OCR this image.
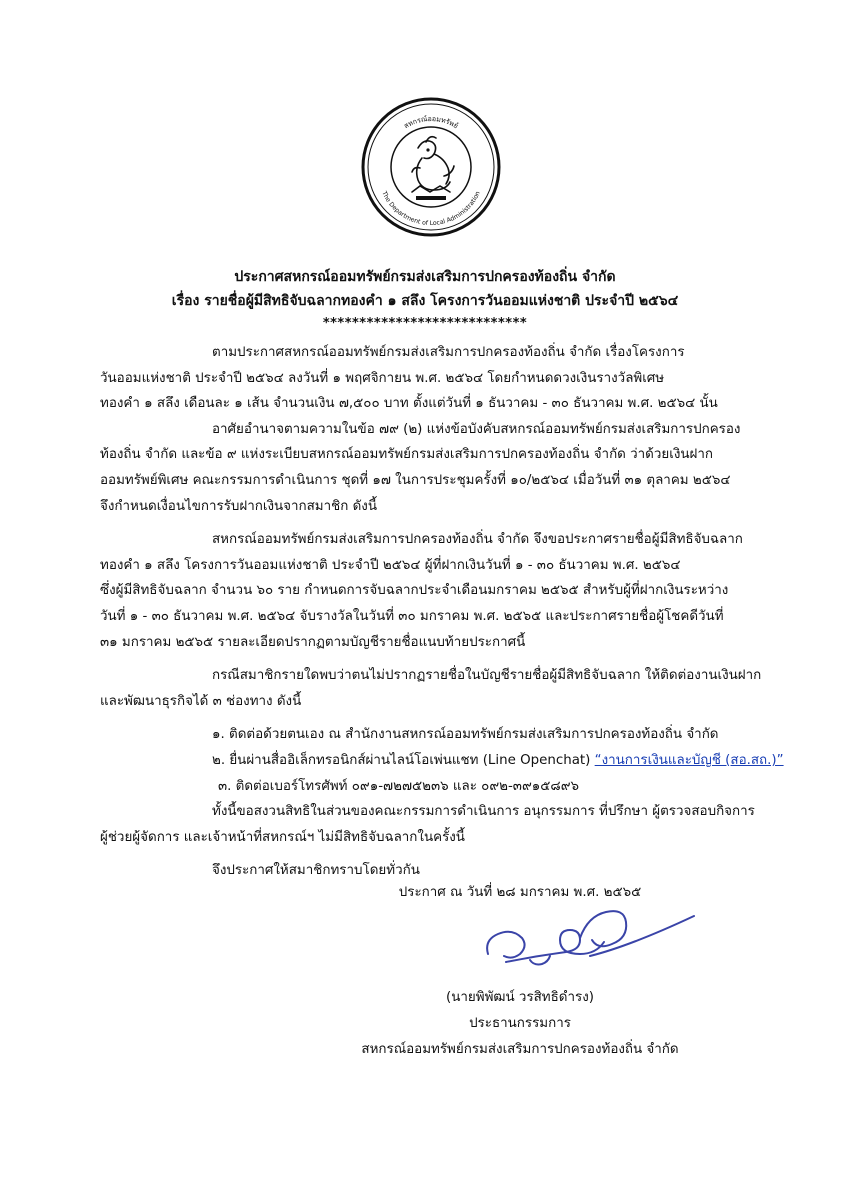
สหกรณ์ออมทรัพย์
The Department of Local Administration
ประกาศสหกรณ์ออมทรัพย์กรมส่งเสริมการปกครองท้องถิ่น จำกัด
เรื่อง รายชื่อผู้มีสิทธิจับฉลากทองคำ ๑ สลึง โครงการวันออมแห่งชาติ ประจำปี ๒๕๖๔
****************************
ตามประกาศสหกรณ์ออมทรัพย์กรมส่งเสริมการปกครองท้องถิ่น จำกัด เรื่องโครงการ
วันออมแห่งชาติ ประจำปี ๒๕๖๔ ลงวันที่ ๑ พฤศจิกายน พ.ศ. ๒๕๖๔ โดยกำหนดดวงเงินรางวัลพิเศษ
ทองคำ ๑ สลึง เดือนละ ๑ เส้น จำนวนเงิน ๗,๕๐๐ บาท ตั้งแต่วันที่ ๑ ธันวาคม - ๓๐ ธันวาคม พ.ศ. ๒๕๖๔ นั้น
อาศัยอำนาจตามความในข้อ ๗๙ (๒) แห่งข้อบังคับสหกรณ์ออมทรัพย์กรมส่งเสริมการปกครอง
ท้องถิ่น จำกัด และข้อ ๙ แห่งระเบียบสหกรณ์ออมทรัพย์กรมส่งเสริมการปกครองท้องถิ่น จำกัด ว่าด้วยเงินฝาก
ออมทรัพย์พิเศษ คณะกรรมการดำเนินการ ชุดที่ ๑๗ ในการประชุมครั้งที่ ๑๐/๒๕๖๔ เมื่อวันที่ ๓๑ ตุลาคม ๒๕๖๔
จึงกำหนดเงื่อนไขการรับฝากเงินจากสมาชิก ดังนี้
สหกรณ์ออมทรัพย์กรมส่งเสริมการปกครองท้องถิ่น จำกัด จึงขอประกาศรายชื่อผู้มีสิทธิจับฉลาก
ทองคำ ๑ สลึง โครงการวันออมแห่งชาติ ประจำปี ๒๕๖๔ ผู้ที่ฝากเงินวันที่ ๑ - ๓๐ ธันวาคม พ.ศ. ๒๕๖๔
ซึ่งผู้มีสิทธิจับฉลาก จำนวน ๖๐ ราย กำหนดการจับฉลากประจำเดือนมกราคม ๒๕๖๕ สำหรับผู้ที่ฝากเงินระหว่าง
วันที่ ๑ - ๓๐ ธันวาคม พ.ศ. ๒๕๖๔ จับรางวัลในวันที่ ๓๐ มกราคม พ.ศ. ๒๕๖๕ และประกาศรายชื่อผู้โชคดีวันที่
๓๑ มกราคม ๒๕๖๕ รายละเอียดปรากฏตามบัญชีรายชื่อแนบท้ายประกาศนี้
กรณีสมาชิกรายใดพบว่าตนไม่ปรากฏรายชื่อในบัญชีรายชื่อผู้มีสิทธิจับฉลาก ให้ติดต่องานเงินฝาก
และพัฒนาธุรกิจได้ ๓ ช่องทาง ดังนี้
๑. ติดต่อด้วยตนเอง ณ สำนักงานสหกรณ์ออมทรัพย์กรมส่งเสริมการปกครองท้องถิ่น จำกัด
๒. ยื่นผ่านสื่ออิเล็กทรอนิกส์ผ่านไลน์โอเพ่นแชท (Line Openchat) “งานการเงินและบัญชี (สอ.สถ.)”
๓. ติดต่อเบอร์โทรศัพท์ ๐๙๑-๗๒๗๕๒๓๖ และ ๐๙๒-๓๙๑๕๘๙๖
ทั้งนี้ขอสงวนสิทธิในส่วนของคณะกรรมการดำเนินการ อนุกรรมการ ที่ปรึกษา ผู้ตรวจสอบกิจการ
ผู้ช่วยผู้จัดการ และเจ้าหน้าที่สหกรณ์ฯ ไม่มีสิทธิจับฉลากในครั้งนี้
จึงประกาศให้สมาชิกทราบโดยทั่วกัน
ประกาศ ณ วันที่ ๒๘ มกราคม พ.ศ. ๒๕๖๕
(นายพิพัฒน์ วรสิทธิดำรง)
ประธานกรรมการ
สหกรณ์ออมทรัพย์กรมส่งเสริมการปกครองท้องถิ่น จำกัด
